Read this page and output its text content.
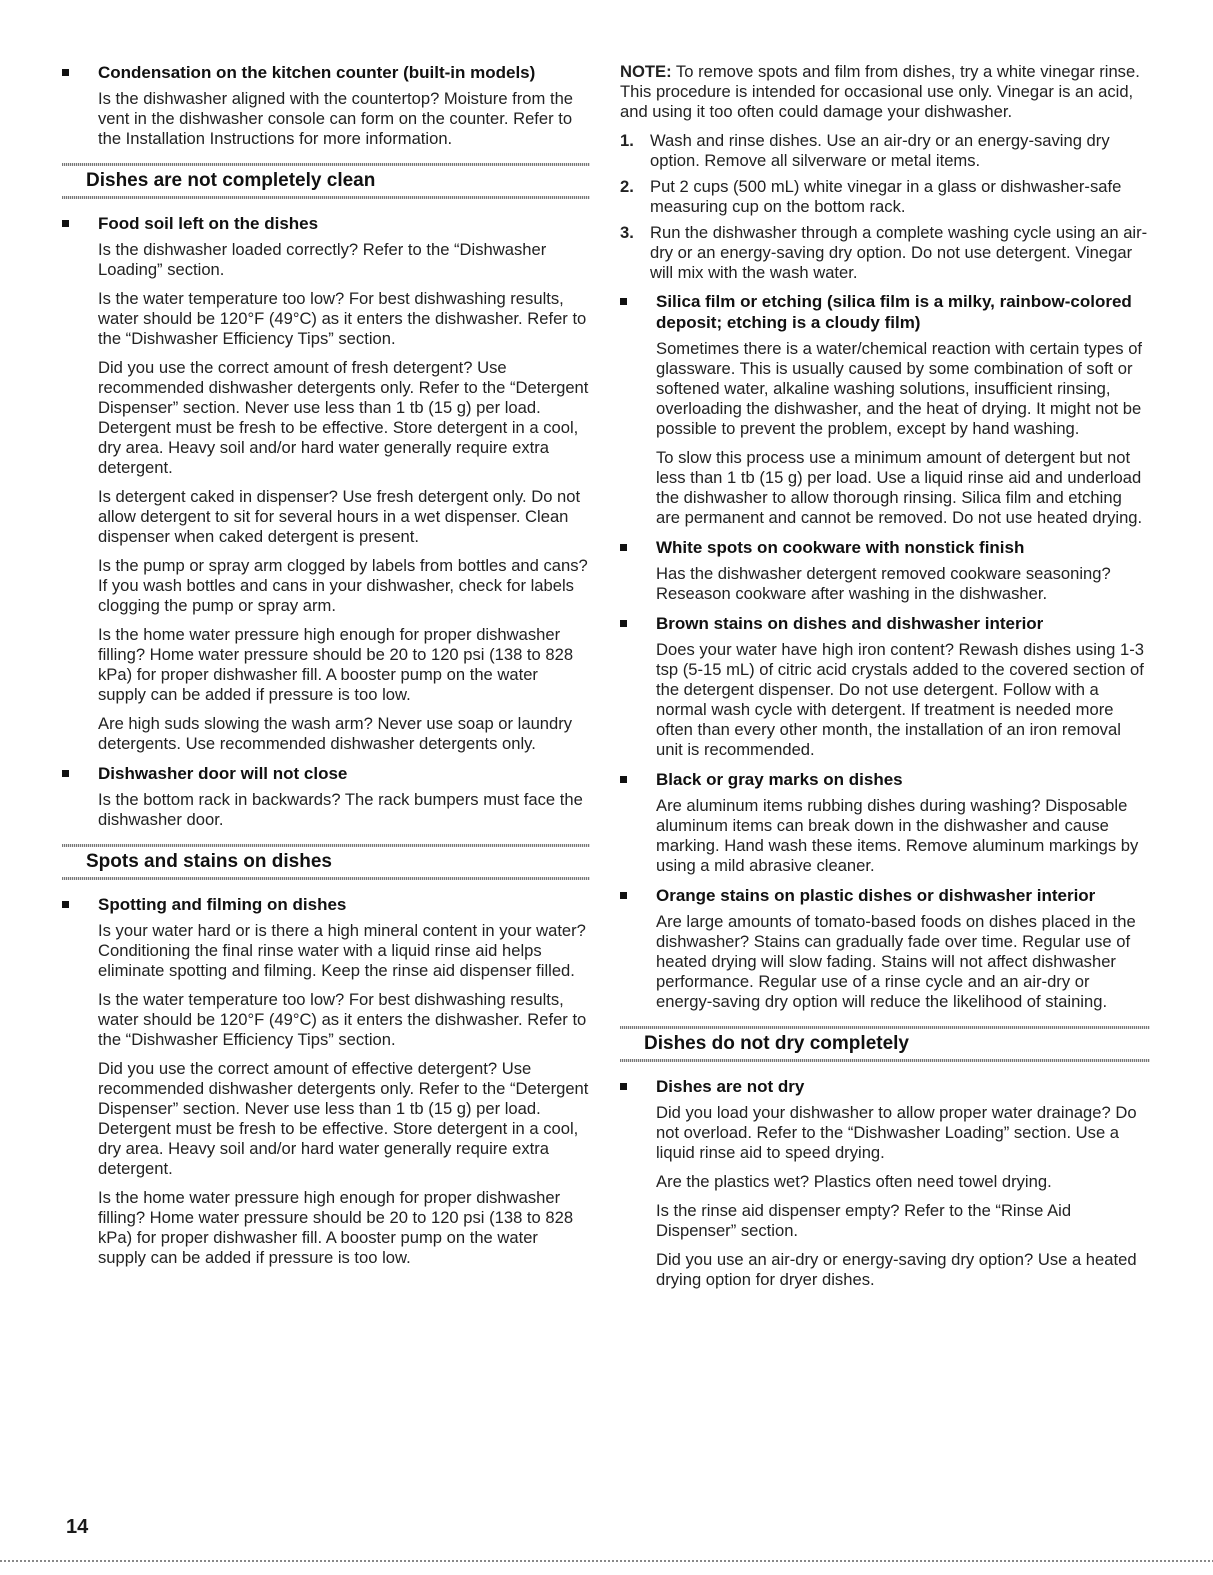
Condensation on the kitchen counter (built-in models)

Is the dishwasher aligned with the countertop? Moisture from the vent in the dishwasher console can form on the counter. Refer to the Installation Instructions for more information.

Dishes are not completely clean
Food soil left on the dishes

Is the dishwasher loaded correctly? Refer to the “Dishwasher Loading” section.

Is the water temperature too low? For best dishwashing results, water should be 120°F (49°C) as it enters the dishwasher. Refer to the “Dishwasher Efficiency Tips” section.

Did you use the correct amount of fresh detergent? Use recommended dishwasher detergents only. Refer to the “Detergent Dispenser” section. Never use less than 1 tb (15 g) per load. Detergent must be fresh to be effective. Store detergent in a cool, dry area. Heavy soil and/or hard water generally require extra detergent.

Is detergent caked in dispenser? Use fresh detergent only. Do not allow detergent to sit for several hours in a wet dispenser. Clean dispenser when caked detergent is present.

Is the pump or spray arm clogged by labels from bottles and cans? If you wash bottles and cans in your dishwasher, check for labels clogging the pump or spray arm.

Is the home water pressure high enough for proper dishwasher filling? Home water pressure should be 20 to 120 psi (138 to 828 kPa) for proper dishwasher fill. A booster pump on the water supply can be added if pressure is too low.

Are high suds slowing the wash arm? Never use soap or laundry detergents. Use recommended dishwasher detergents only.

Dishwasher door will not close

Is the bottom rack in backwards? The rack bumpers must face the dishwasher door.

Spots and stains on dishes
Spotting and filming on dishes

Is your water hard or is there a high mineral content in your water? Conditioning the final rinse water with a liquid rinse aid helps eliminate spotting and filming. Keep the rinse aid dispenser filled.

Is the water temperature too low? For best dishwashing results, water should be 120°F (49°C) as it enters the dishwasher. Refer to the “Dishwasher Efficiency Tips” section.

Did you use the correct amount of effective detergent? Use recommended dishwasher detergents only. Refer to the “Detergent Dispenser” section. Never use less than 1 tb (15 g) per load. Detergent must be fresh to be effective. Store detergent in a cool, dry area. Heavy soil and/or hard water generally require extra detergent.

Is the home water pressure high enough for proper dishwasher filling? Home water pressure should be 20 to 120 psi (138 to 828 kPa) for proper dishwasher fill. A booster pump on the water supply can be added if pressure is too low.

NOTE: To remove spots and film from dishes, try a white vinegar rinse. This procedure is intended for occasional use only. Vinegar is an acid, and using it too often could damage your dishwasher.

1. Wash and rinse dishes. Use an air-dry or an energy-saving dry option. Remove all silverware or metal items.
2. Put 2 cups (500 mL) white vinegar in a glass or dishwasher-safe measuring cup on the bottom rack.
3. Run the dishwasher through a complete washing cycle using an air-dry or an energy-saving dry option. Do not use detergent. Vinegar will mix with the wash water.
Silica film or etching (silica film is a milky, rainbow-colored deposit; etching is a cloudy film)

Sometimes there is a water/chemical reaction with certain types of glassware. This is usually caused by some combination of soft or softened water, alkaline washing solutions, insufficient rinsing, overloading the dishwasher, and the heat of drying. It might not be possible to prevent the problem, except by hand washing.

To slow this process use a minimum amount of detergent but not less than 1 tb (15 g) per load. Use a liquid rinse aid and underload the dishwasher to allow thorough rinsing. Silica film and etching are permanent and cannot be removed. Do not use heated drying.

White spots on cookware with nonstick finish

Has the dishwasher detergent removed cookware seasoning? Reseason cookware after washing in the dishwasher.

Brown stains on dishes and dishwasher interior

Does your water have high iron content? Rewash dishes using 1-3 tsp (5-15 mL) of citric acid crystals added to the covered section of the detergent dispenser. Do not use detergent. Follow with a normal wash cycle with detergent. If treatment is needed more often than every other month, the installation of an iron removal unit is recommended.

Black or gray marks on dishes

Are aluminum items rubbing dishes during washing? Disposable aluminum items can break down in the dishwasher and cause marking. Hand wash these items. Remove aluminum markings by using a mild abrasive cleaner.

Orange stains on plastic dishes or dishwasher interior

Are large amounts of tomato-based foods on dishes placed in the dishwasher? Stains can gradually fade over time. Regular use of heated drying will slow fading. Stains will not affect dishwasher performance. Regular use of a rinse cycle and an air-dry or energy-saving dry option will reduce the likelihood of staining.

Dishes do not dry completely
Dishes are not dry

Did you load your dishwasher to allow proper water drainage? Do not overload. Refer to the “Dishwasher Loading” section. Use a liquid rinse aid to speed drying.

Are the plastics wet? Plastics often need towel drying.

Is the rinse aid dispenser empty? Refer to the “Rinse Aid Dispenser” section.

Did you use an air-dry or energy-saving dry option? Use a heated drying option for dryer dishes.

14
